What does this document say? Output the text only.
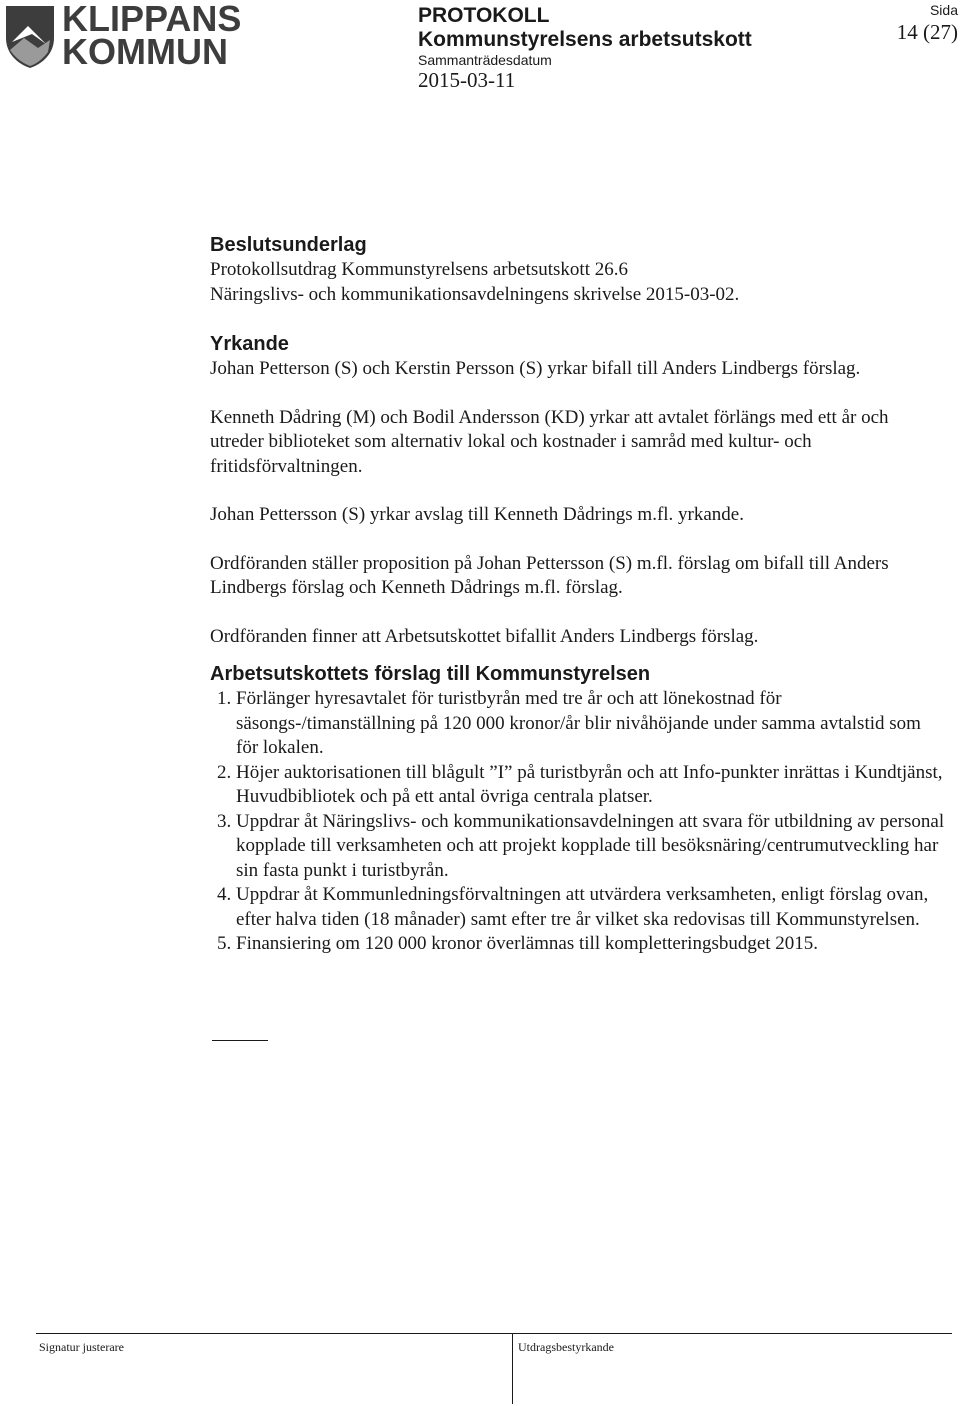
KLIPPANS
KOMMUN
PROTOKOLL
Kommunstyrelsens arbetsutskott
Sammanträdesdatum
2015-03-11
Sida
14 (27)
Beslutsunderlag

Protokollsutdrag Kommunstyrelsens arbetsutskott 26.6

Näringslivs- och kommunikationsavdelningens skrivelse 2015-03-02.

Yrkande

Johan Petterson (S) och Kerstin Persson (S) yrkar bifall till Anders Lindbergs förslag.

Kenneth Dådring (M) och Bodil Andersson (KD) yrkar att avtalet förlängs med ett år och utreder biblioteket som alternativ lokal och kostnader i samråd med kultur- och fritidsförvaltningen.

Johan Pettersson (S) yrkar avslag till Kenneth Dådrings m.fl. yrkande.

Ordföranden ställer proposition på Johan Pettersson (S) m.fl. förslag om bifall till Anders Lindbergs förslag och Kenneth Dådrings m.fl. förslag.

Ordföranden finner att Arbetsutskottet bifallit Anders Lindbergs förslag.

Arbetsutskottets förslag till Kommunstyrelsen
1. Förlänger hyresavtalet för turistbyrån med tre år och att lönekostnad för säsongs-/timanställning på 120 000 kronor/år blir nivåhöjande under samma avtalstid som för lokalen.
2. Höjer auktorisationen till blågult ”I” på turistbyrån och att Info-punkter inrättas i Kundtjänst, Huvudbibliotek och på ett antal övriga centrala platser.
3. Uppdrar åt Näringslivs- och kommunikationsavdelningen att svara för utbildning av personal kopplade till verksamheten och att projekt kopplade till besöksnäring/centrumutveckling har sin fasta punkt i turistbyrån.
4. Uppdrar åt Kommunledningsförvaltningen att utvärdera verksamheten, enligt förslag ovan, efter halva tiden (18 månader) samt efter tre år vilket ska redovisas till Kommunstyrelsen.
5. Finansiering om 120 000 kronor överlämnas till kompletteringsbudget 2015.
Signatur justerare	Utdragsbestyrkande
